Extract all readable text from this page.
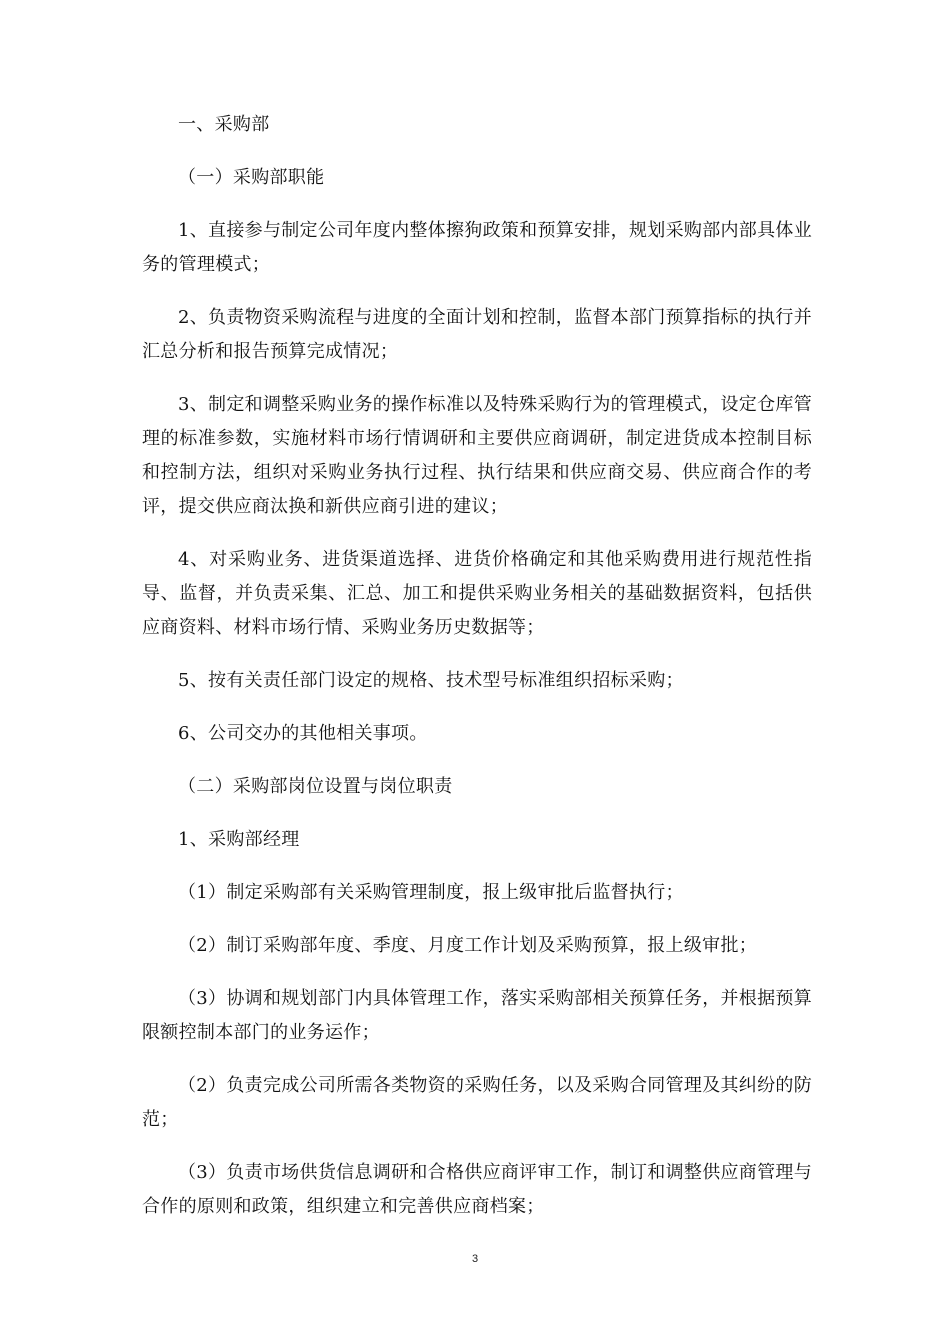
一、采购部

（一）采购部职能

1、直接参与制定公司年度内整体擦狗政策和预算安排，规划采购部内部具体业务的管理模式；

2、负责物资采购流程与进度的全面计划和控制，监督本部门预算指标的执行并汇总分析和报告预算完成情况；

3、制定和调整采购业务的操作标准以及特殊采购行为的管理模式，设定仓库管理的标准参数，实施材料市场行情调研和主要供应商调研，制定进货成本控制目标和控制方法，组织对采购业务执行过程、执行结果和供应商交易、供应商合作的考评，提交供应商汰换和新供应商引进的建议；

4、对采购业务、进货渠道选择、进货价格确定和其他采购费用进行规范性指导、监督，并负责采集、汇总、加工和提供采购业务相关的基础数据资料，包括供应商资料、材料市场行情、采购业务历史数据等；

5、按有关责任部门设定的规格、技术型号标准组织招标采购；

6、公司交办的其他相关事项。

（二）采购部岗位设置与岗位职责

1、采购部经理

（1）制定采购部有关采购管理制度，报上级审批后监督执行；

（2）制订采购部年度、季度、月度工作计划及采购预算，报上级审批；

（3）协调和规划部门内具体管理工作，落实采购部相关预算任务，并根据预算限额控制本部门的业务运作；

（2）负责完成公司所需各类物资的采购任务，以及采购合同管理及其纠纷的防范；

（3）负责市场供货信息调研和合格供应商评审工作，制订和调整供应商管理与合作的原则和政策，组织建立和完善供应商档案；

3
